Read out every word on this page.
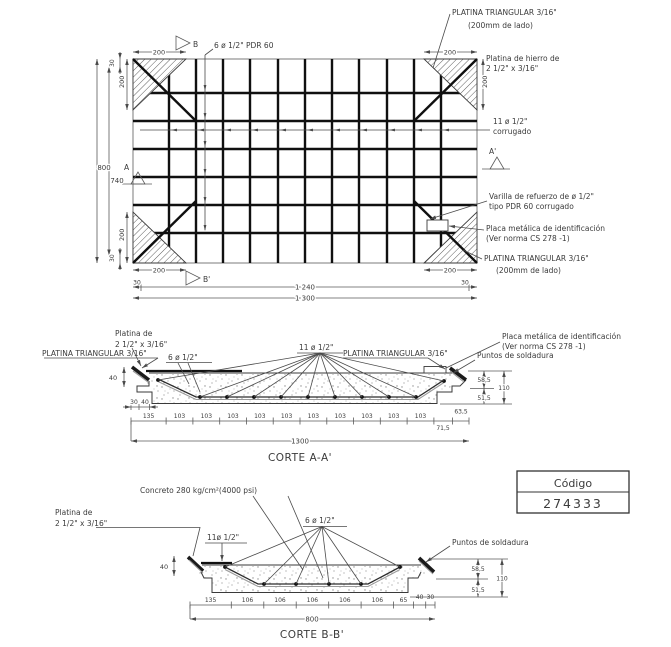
6 ø 1/2" PDR 60
B
B'
A
A'
800
740
30
30
200
200
200
200
200
200	200
30	30
1 240
1 300
PLATINA TRIANGULAR 3/16"
(200mm de lado)
Platina de hierro de
2 1/2" x 3/16"
11 ø 1/2"
corrugado
Varilla de refuerzo de ø 1/2"
tipo PDR 60 corrugado
Placa metálica de identificación
(Ver norma CS 278 -1)
PLATINA TRIANGULAR 3/16"
(200mm de lado)
Platina de
2 1/2" x 3/16"
PLATINA TRIANGULAR 3/16"	6 ø 1/2"
11 ø 1/2"
PLATINA TRIANGULAR 3/16"
Placa metálica de identificación
(Ver norma CS 278 -1)
Puntos de soldadura
40
30 40
135	103	103	103	103	103	103	103	103	103	103
71,5
63,5
1300
58,5
110
51,5
CORTE A-A'
Concreto 280 kg/cm²(4000 psi)
Platina de
2 1/2" x 3/16"
11ø 1/2"
6 ø 1/2"
Puntos de soldadura
40
135	106	106	106	106	106	65 40 30
800
58,5
110
51,5
CORTE B-B'
Código
274333
